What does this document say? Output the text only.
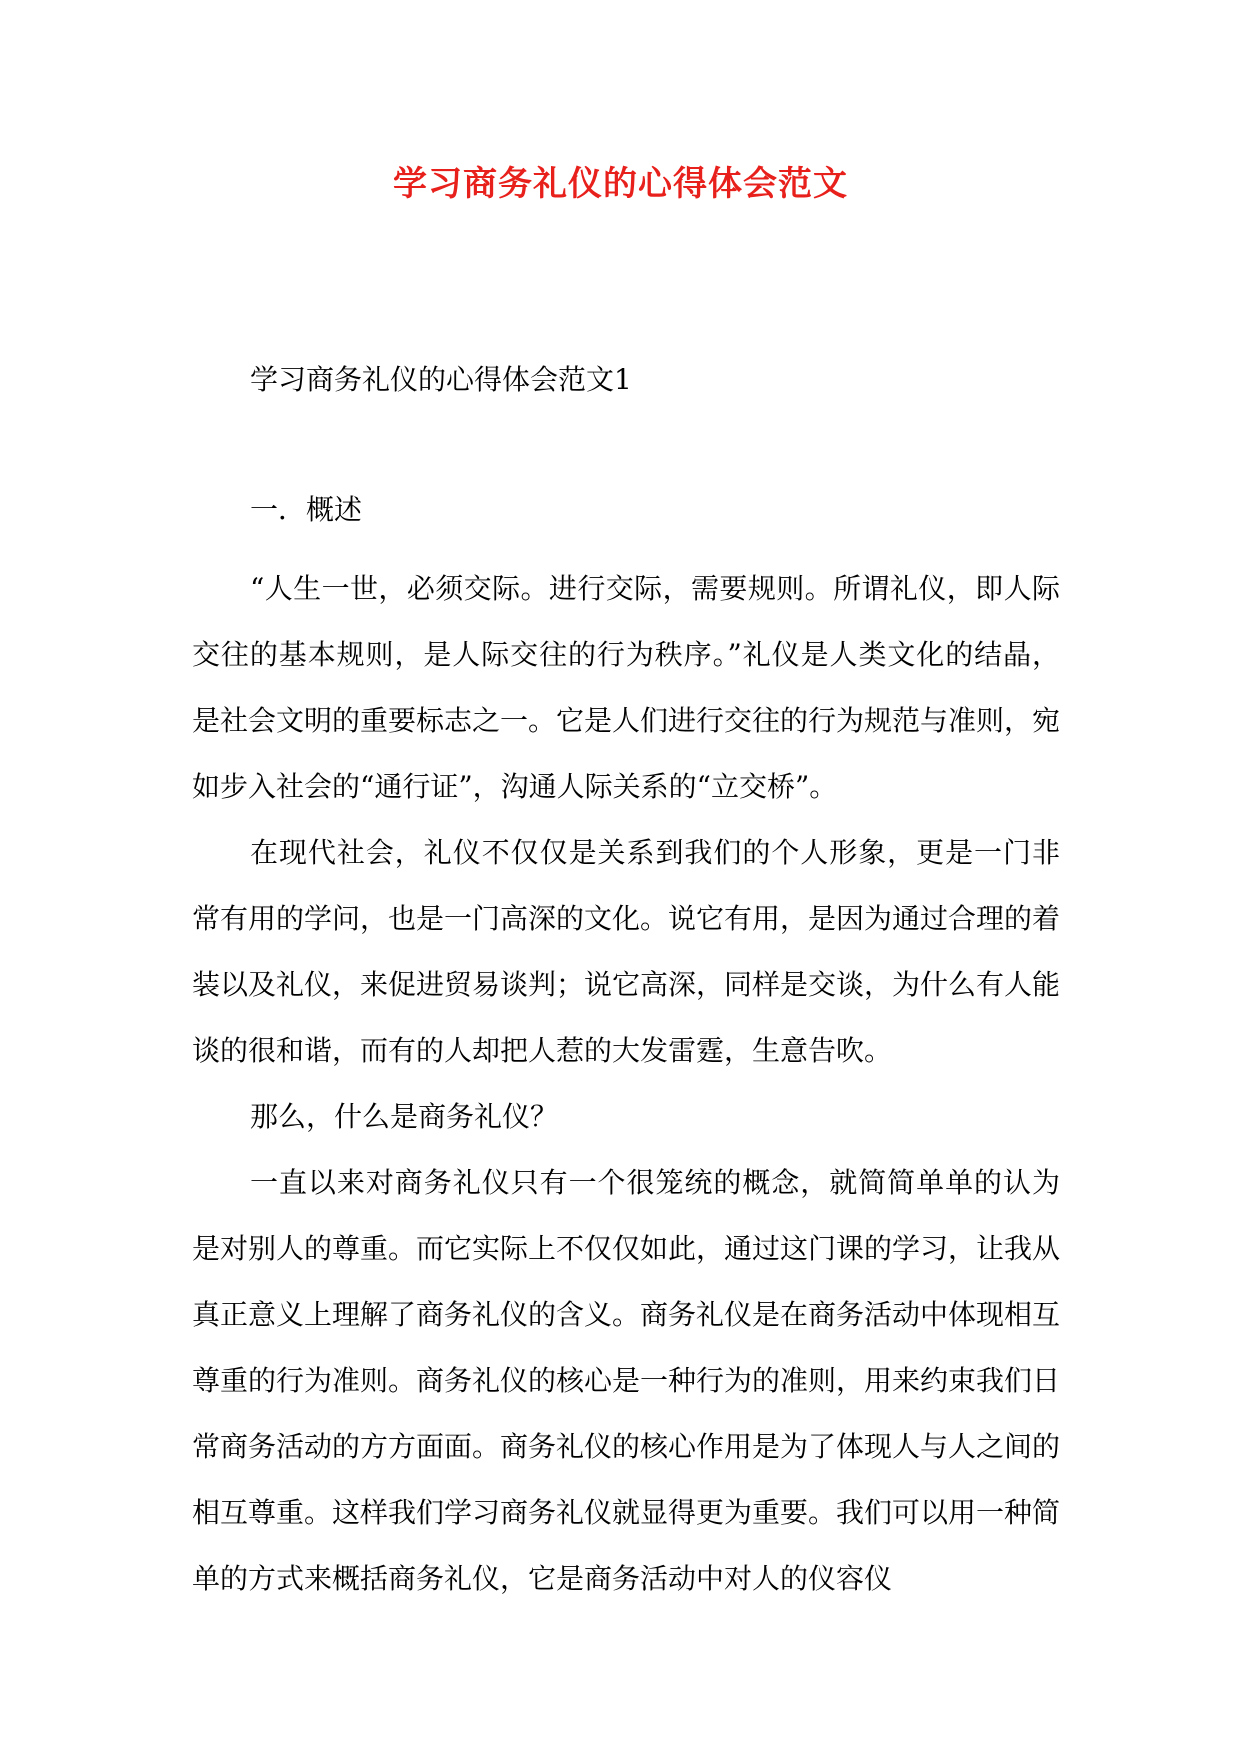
学习商务礼仪的心得体会范文
学习商务礼仪的心得体会范文1
一．概述

“人生一世，必须交际。进行交际，需要规则。所谓礼仪，即人际交往的基本规则，是人际交往的行为秩序。”礼仪是人类文化的结晶，是社会文明的重要标志之一。它是人们进行交往的行为规范与准则，宛如步入社会的“通行证”，沟通人际关系的“立交桥”。

在现代社会，礼仪不仅仅是关系到我们的个人形象，更是一门非常有用的学问，也是一门高深的文化。说它有用，是因为通过合理的着装以及礼仪，来促进贸易谈判；说它高深，同样是交谈，为什么有人能谈的很和谐，而有的人却把人惹的大发雷霆，生意告吹。

那么，什么是商务礼仪？

一直以来对商务礼仪只有一个很笼统的概念，就简简单单的认为是对别人的尊重。而它实际上不仅仅如此，通过这门课的学习，让我从真正意义上理解了商务礼仪的含义。商务礼仪是在商务活动中体现相互尊重的行为准则。商务礼仪的核心是一种行为的准则，用来约束我们日常商务活动的方方面面。商务礼仪的核心作用是为了体现人与人之间的相互尊重。这样我们学习商务礼仪就显得更为重要。我们可以用一种简单的方式来概括商务礼仪，它是商务活动中对人的仪容仪
